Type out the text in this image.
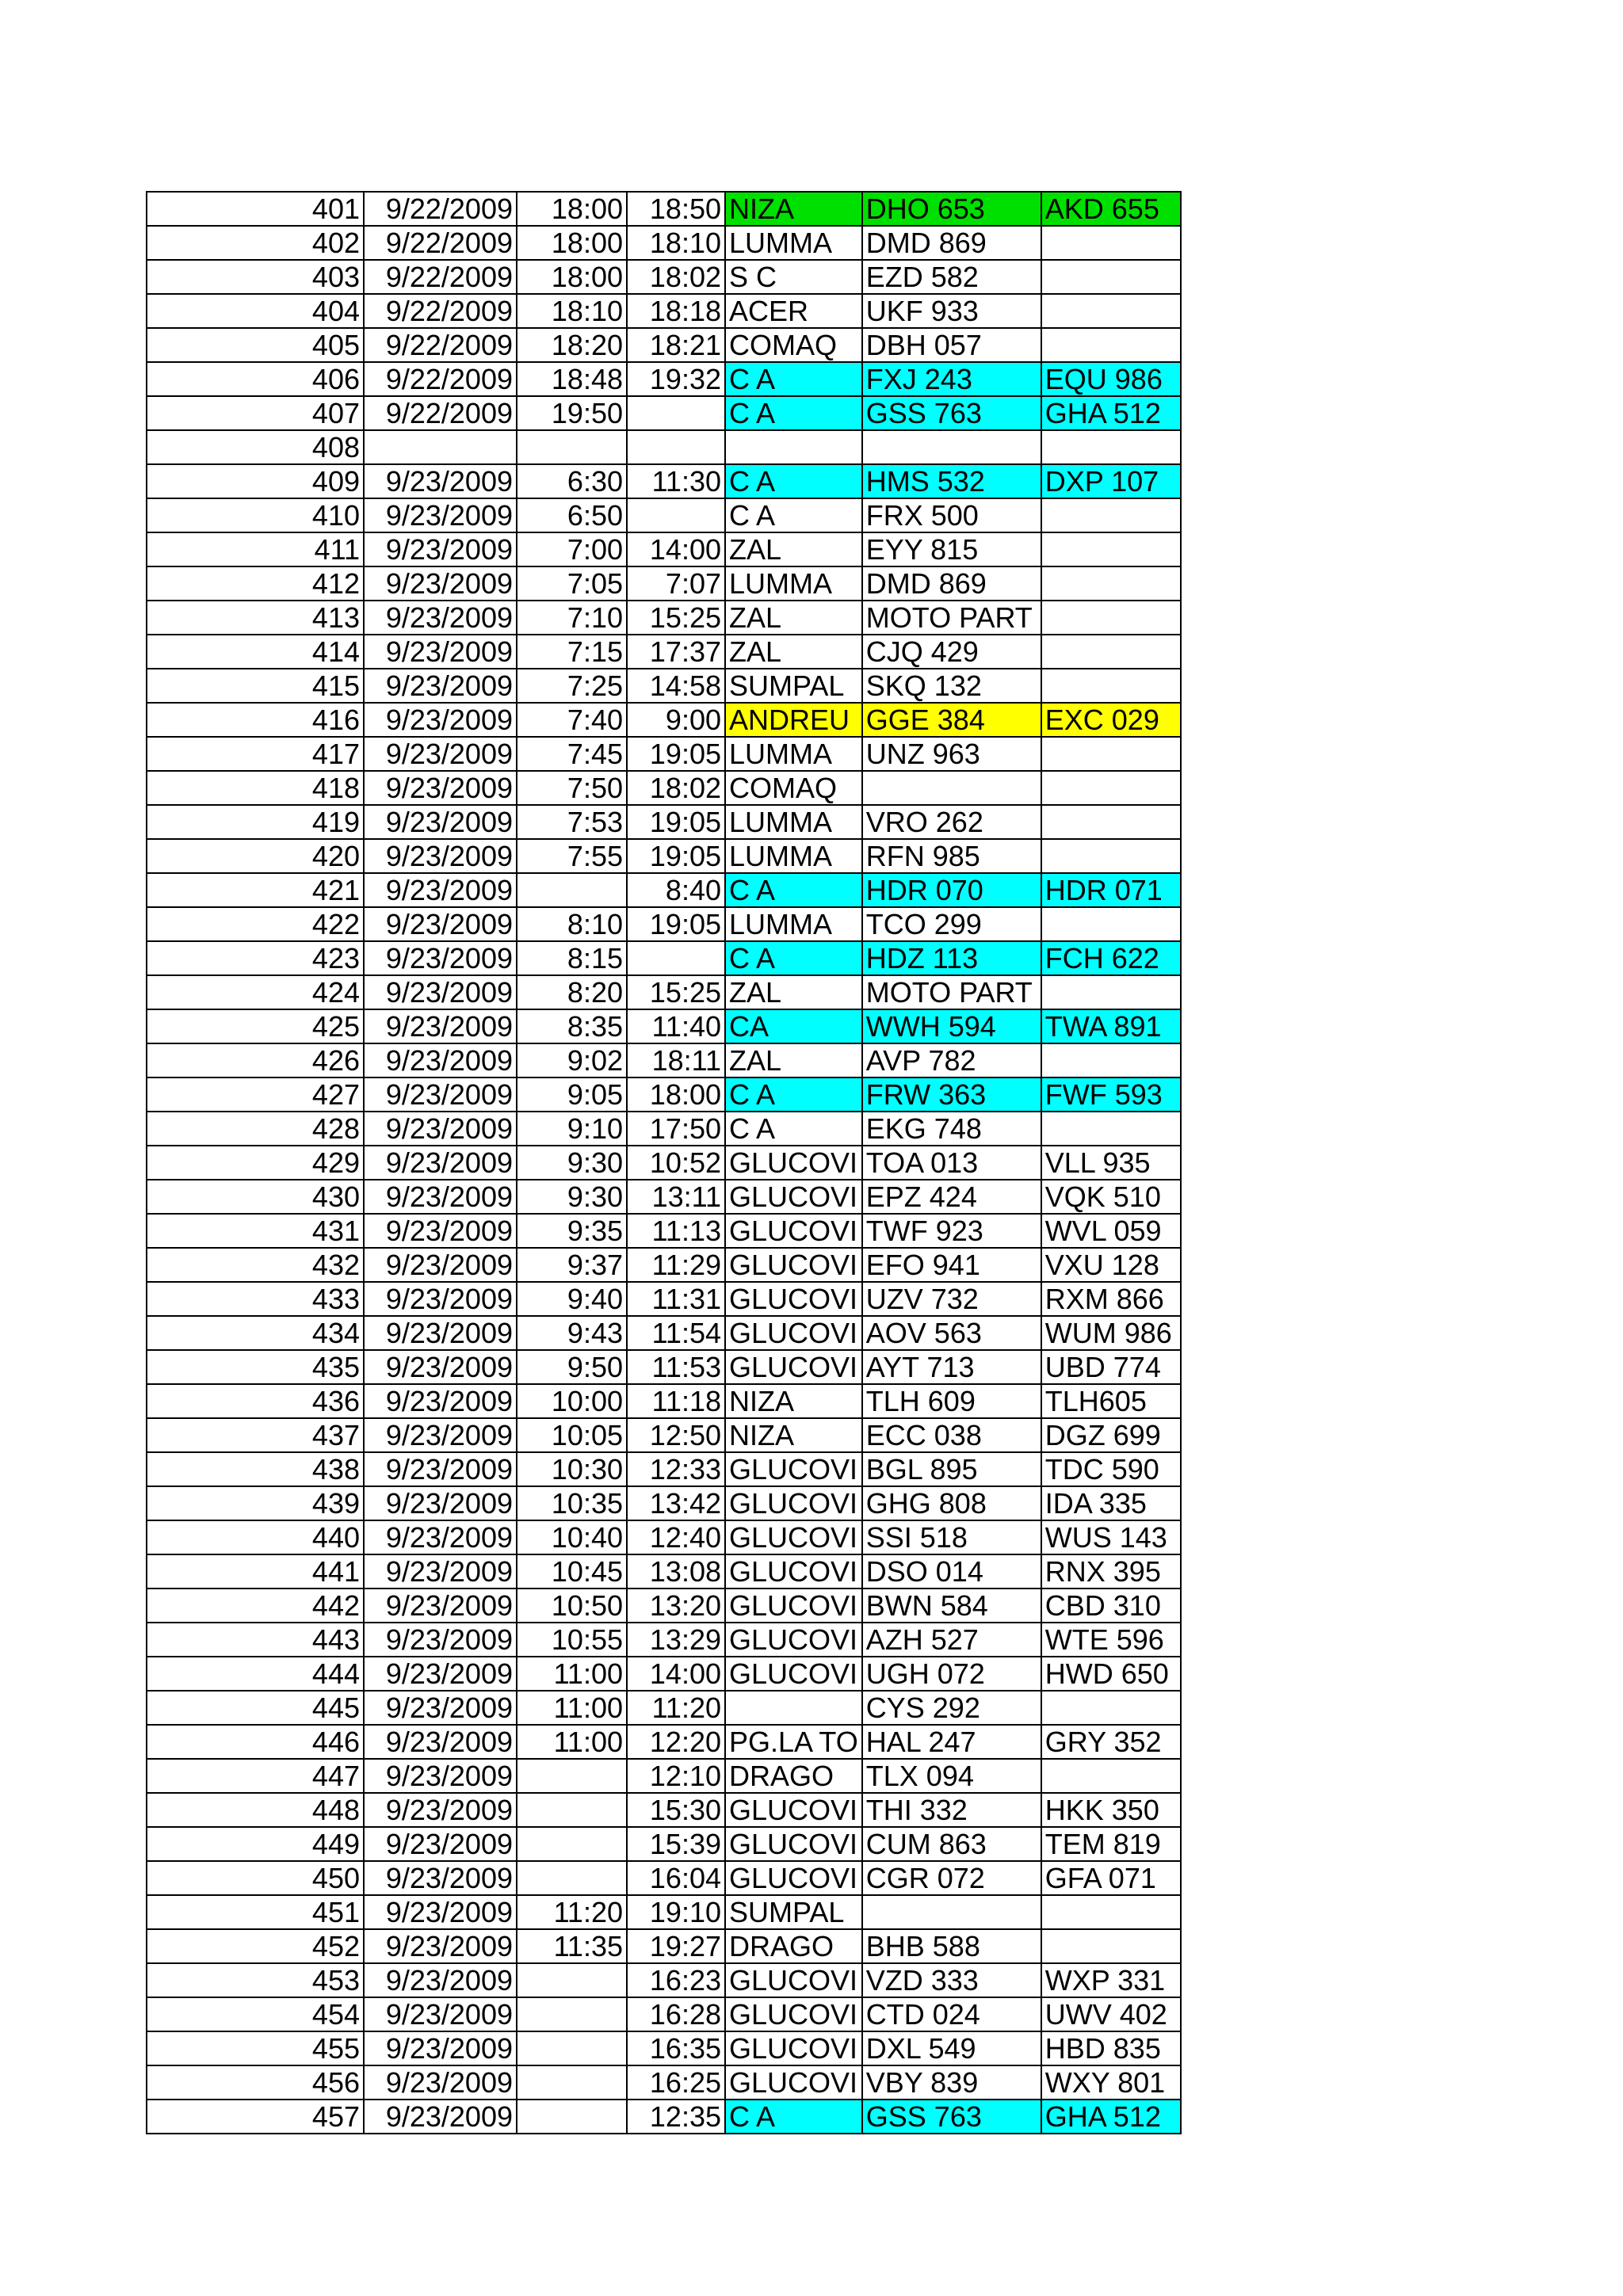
401	9/22/2009	18:00	18:50	NIZA	DHO 653	AKD 655
402	9/22/2009	18:00	18:10	LUMMA	DMD 869	
403	9/22/2009	18:00	18:02	S C	EZD 582	
404	9/22/2009	18:10	18:18	ACER	UKF 933	
405	9/22/2009	18:20	18:21	COMAQ	DBH 057	
406	9/22/2009	18:48	19:32	C A	FXJ 243	EQU 986
407	9/22/2009	19:50		C A	GSS 763	GHA 512
408						
409	9/23/2009	6:30	11:30	C A	HMS 532	DXP 107
410	9/23/2009	6:50		C A	FRX 500	
411	9/23/2009	7:00	14:00	ZAL	EYY 815	
412	9/23/2009	7:05	7:07	LUMMA	DMD 869	
413	9/23/2009	7:10	15:25	ZAL	MOTO PART	
414	9/23/2009	7:15	17:37	ZAL	CJQ 429	
415	9/23/2009	7:25	14:58	SUMPAL	SKQ 132	
416	9/23/2009	7:40	9:00	ANDREU	GGE 384	EXC 029
417	9/23/2009	7:45	19:05	LUMMA	UNZ 963	
418	9/23/2009	7:50	18:02	COMAQ		
419	9/23/2009	7:53	19:05	LUMMA	VRO 262	
420	9/23/2009	7:55	19:05	LUMMA	RFN 985	
421	9/23/2009		8:40	C A	HDR 070	HDR 071
422	9/23/2009	8:10	19:05	LUMMA	TCO 299	
423	9/23/2009	8:15		C A	HDZ 113	FCH 622
424	9/23/2009	8:20	15:25	ZAL	MOTO PART	
425	9/23/2009	8:35	11:40	CA	WWH 594	TWA 891
426	9/23/2009	9:02	18:11	ZAL	AVP 782	
427	9/23/2009	9:05	18:00	C A	FRW 363	FWF 593
428	9/23/2009	9:10	17:50	C A	EKG 748	
429	9/23/2009	9:30	10:52	GLUCOVI	TOA 013	VLL 935
430	9/23/2009	9:30	13:11	GLUCOVI	EPZ 424	VQK 510
431	9/23/2009	9:35	11:13	GLUCOVI	TWF 923	WVL 059
432	9/23/2009	9:37	11:29	GLUCOVI	EFO 941	VXU 128
433	9/23/2009	9:40	11:31	GLUCOVI	UZV 732	RXM 866
434	9/23/2009	9:43	11:54	GLUCOVI	AOV 563	WUM 986
435	9/23/2009	9:50	11:53	GLUCOVI	AYT 713	UBD 774
436	9/23/2009	10:00	11:18	NIZA	TLH 609	TLH605
437	9/23/2009	10:05	12:50	NIZA	ECC 038	DGZ 699
438	9/23/2009	10:30	12:33	GLUCOVI	BGL 895	TDC 590
439	9/23/2009	10:35	13:42	GLUCOVI	GHG 808	IDA 335
440	9/23/2009	10:40	12:40	GLUCOVI	SSI 518	WUS 143
441	9/23/2009	10:45	13:08	GLUCOVI	DSO 014	RNX 395
442	9/23/2009	10:50	13:20	GLUCOVI	BWN 584	CBD 310
443	9/23/2009	10:55	13:29	GLUCOVI	AZH 527	WTE 596
444	9/23/2009	11:00	14:00	GLUCOVI	UGH 072	HWD 650
445	9/23/2009	11:00	11:20		CYS 292	
446	9/23/2009	11:00	12:20	PG.LA TO	HAL 247	GRY 352
447	9/23/2009		12:10	DRAGO	TLX 094	
448	9/23/2009		15:30	GLUCOVI	THI 332	HKK 350
449	9/23/2009		15:39	GLUCOVI	CUM 863	TEM 819
450	9/23/2009		16:04	GLUCOVI	CGR 072	GFA 071
451	9/23/2009	11:20	19:10	SUMPAL		
452	9/23/2009	11:35	19:27	DRAGO	BHB 588	
453	9/23/2009		16:23	GLUCOVI	VZD 333	WXP 331
454	9/23/2009		16:28	GLUCOVI	CTD 024	UWV 402
455	9/23/2009		16:35	GLUCOVI	DXL 549	HBD 835
456	9/23/2009		16:25	GLUCOVI	VBY 839	WXY 801
457	9/23/2009		12:35	C A	GSS 763	GHA 512
